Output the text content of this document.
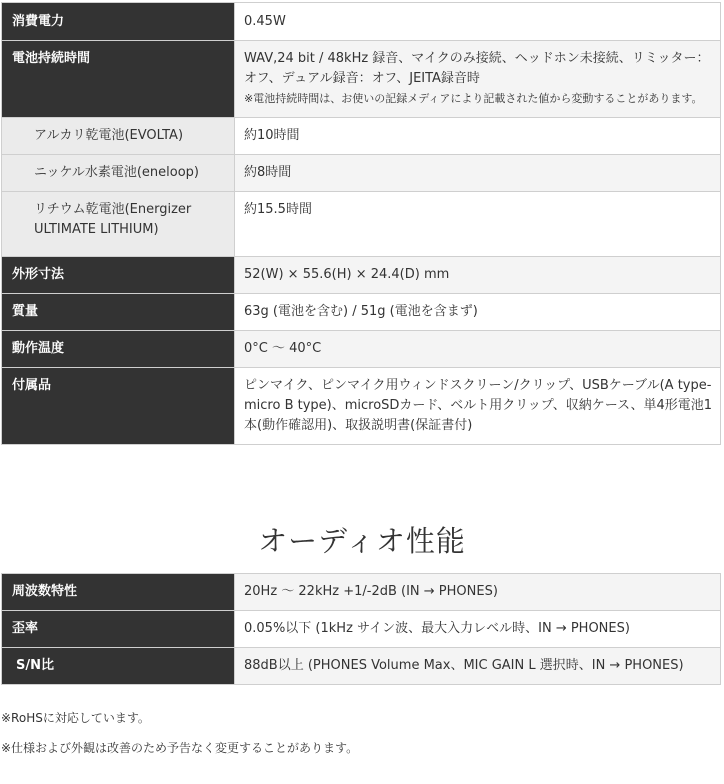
消費電力	0.45W
電池持続時間	WAV,24 bit / 48kHz 録音、マイクのみ接続、ヘッドホン未接続、リミッター：オフ、デュアル録音：オフ、JEITA録音時
※電池持続時間は、お使いの記録メディアにより記載された値から変動することがあります。

アルカリ乾電池(EVOLTA)	約10時間
ニッケル水素電池(eneloop)	約8時間
リチウム乾電池(Energizer ULTIMATE LITHIUM)	約15.5時間
外形寸法	52(W) × 55.6(H) × 24.4(D) mm
質量	63g (電池を含む) / 51g (電池を含まず)
動作温度	0°C ～ 40°C
付属品	ピンマイク、ピンマイク用ウィンドスクリーン/クリップ、USBケーブル(A type-micro B type)、microSDカード、ベルト用クリップ、収納ケース、単4形電池1本(動作確認用)、取扱説明書(保証書付)
オーディオ性能
周波数特性	20Hz ～ 22kHz +1/-2dB (IN → PHONES)
歪率	0.05%以下 (1kHz サイン波、最大入力レベル時、IN → PHONES)
S/N比	88dB以上 (PHONES Volume Max、MIC GAIN L 選択時、IN → PHONES)

※RoHSに対応しています。

※仕様および外観は改善のため予告なく変更することがあります。
